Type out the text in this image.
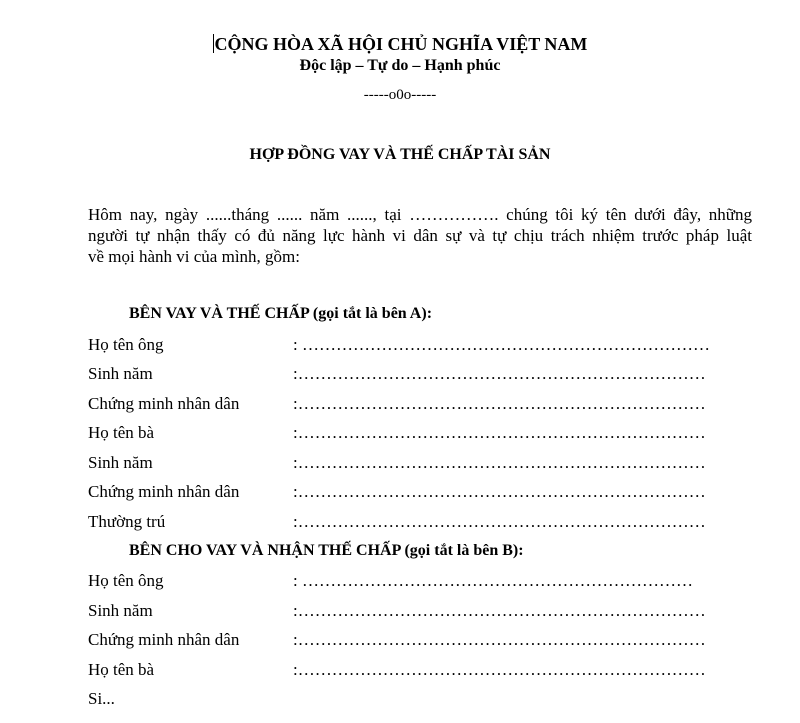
CỘNG HÒA XÃ HỘI CHỦ NGHĨA VIỆT NAM
Độc lập – Tự do – Hạnh phúc
-----o0o-----
HỢP ĐỒNG VAY VÀ THẾ CHẤP TÀI SẢN
Hôm nay, ngày ......tháng ...... năm ......, tại ……………. chúng tôi ký tên dưới đây, những
người tự nhận thấy có đủ năng lực hành vi dân sự và tự chịu trách nhiệm trước pháp luật
về mọi hành vi của mình, gồm:
BÊN VAY VÀ THẾ CHẤP (gọi tắt là bên A):
Họ tên ông	: ………………………………………………………………
Sinh năm	:………………………………………………………………
Chứng minh nhân dân	:………………………………………………………………
Họ tên bà	:………………………………………………………………
Sinh năm	:………………………………………………………………
Chứng minh nhân dân	:………………………………………………………………
Thường trú	:………………………………………………………………
BÊN CHO VAY VÀ NHẬN THẾ CHẤP (gọi tắt là bên B):
Họ tên ông	: ……………………………………………………………
Sinh năm	:………………………………………………………………
Chứng minh nhân dân	:………………………………………………………………
Họ tên bà	:………………………………………………………………
Si...
